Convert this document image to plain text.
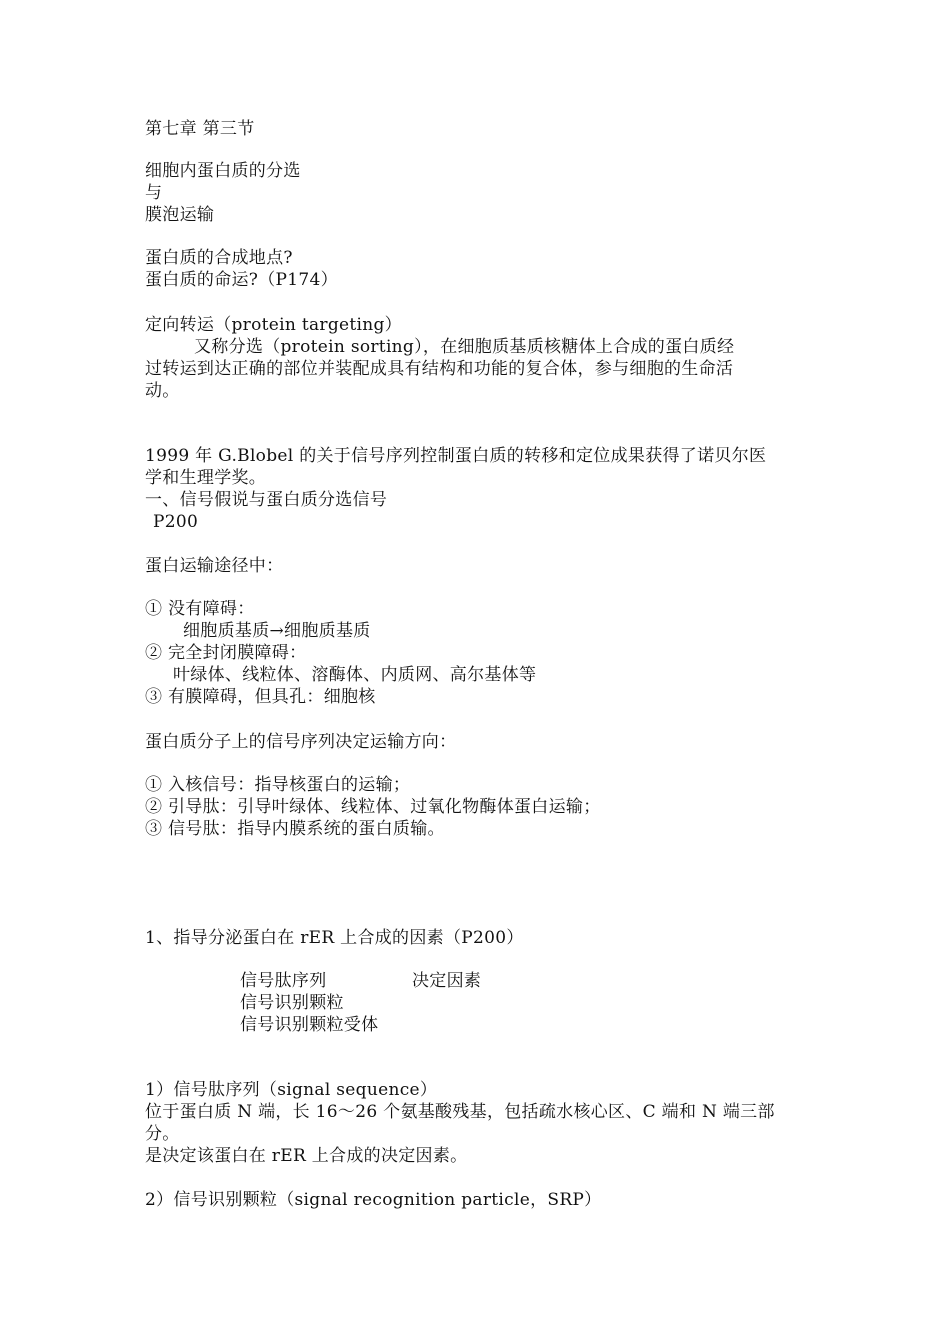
第七章 第三节
细胞内蛋白质的分选
与
膜泡运输
蛋白质的合成地点?
蛋白质的命运?（P174）
定向转运（protein targeting）
又称分选（protein sorting），在细胞质基质核糖体上合成的蛋白质经
过转运到达正确的部位并装配成具有结构和功能的复合体，参与细胞的生命活
动。
1999 年 G.Blobel 的关于信号序列控制蛋白质的转移和定位成果获得了诺贝尔医
学和生理学奖。
一、信号假说与蛋白质分选信号
P200
蛋白运输途径中：
① 没有障碍：
细胞质基质→细胞质基质
② 完全封闭膜障碍：
叶绿体、线粒体、溶酶体、内质网、高尔基体等
③ 有膜障碍，但具孔：细胞核
蛋白质分子上的信号序列决定运输方向：
① 入核信号：指导核蛋白的运输；
② 引导肽：引导叶绿体、线粒体、过氧化物酶体蛋白运输；
③ 信号肽：指导内膜系统的蛋白质输。
1、指导分泌蛋白在 rER 上合成的因素（P200）
信号肽序列	决定因素
信号识别颗粒
信号识别颗粒受体
1）信号肽序列（signal sequence）
位于蛋白质 N 端，长 16～26 个氨基酸残基，包括疏水核心区、C 端和 N 端三部
分。
是决定该蛋白在 rER 上合成的决定因素。
2）信号识别颗粒（signal recognition particle，SRP）
